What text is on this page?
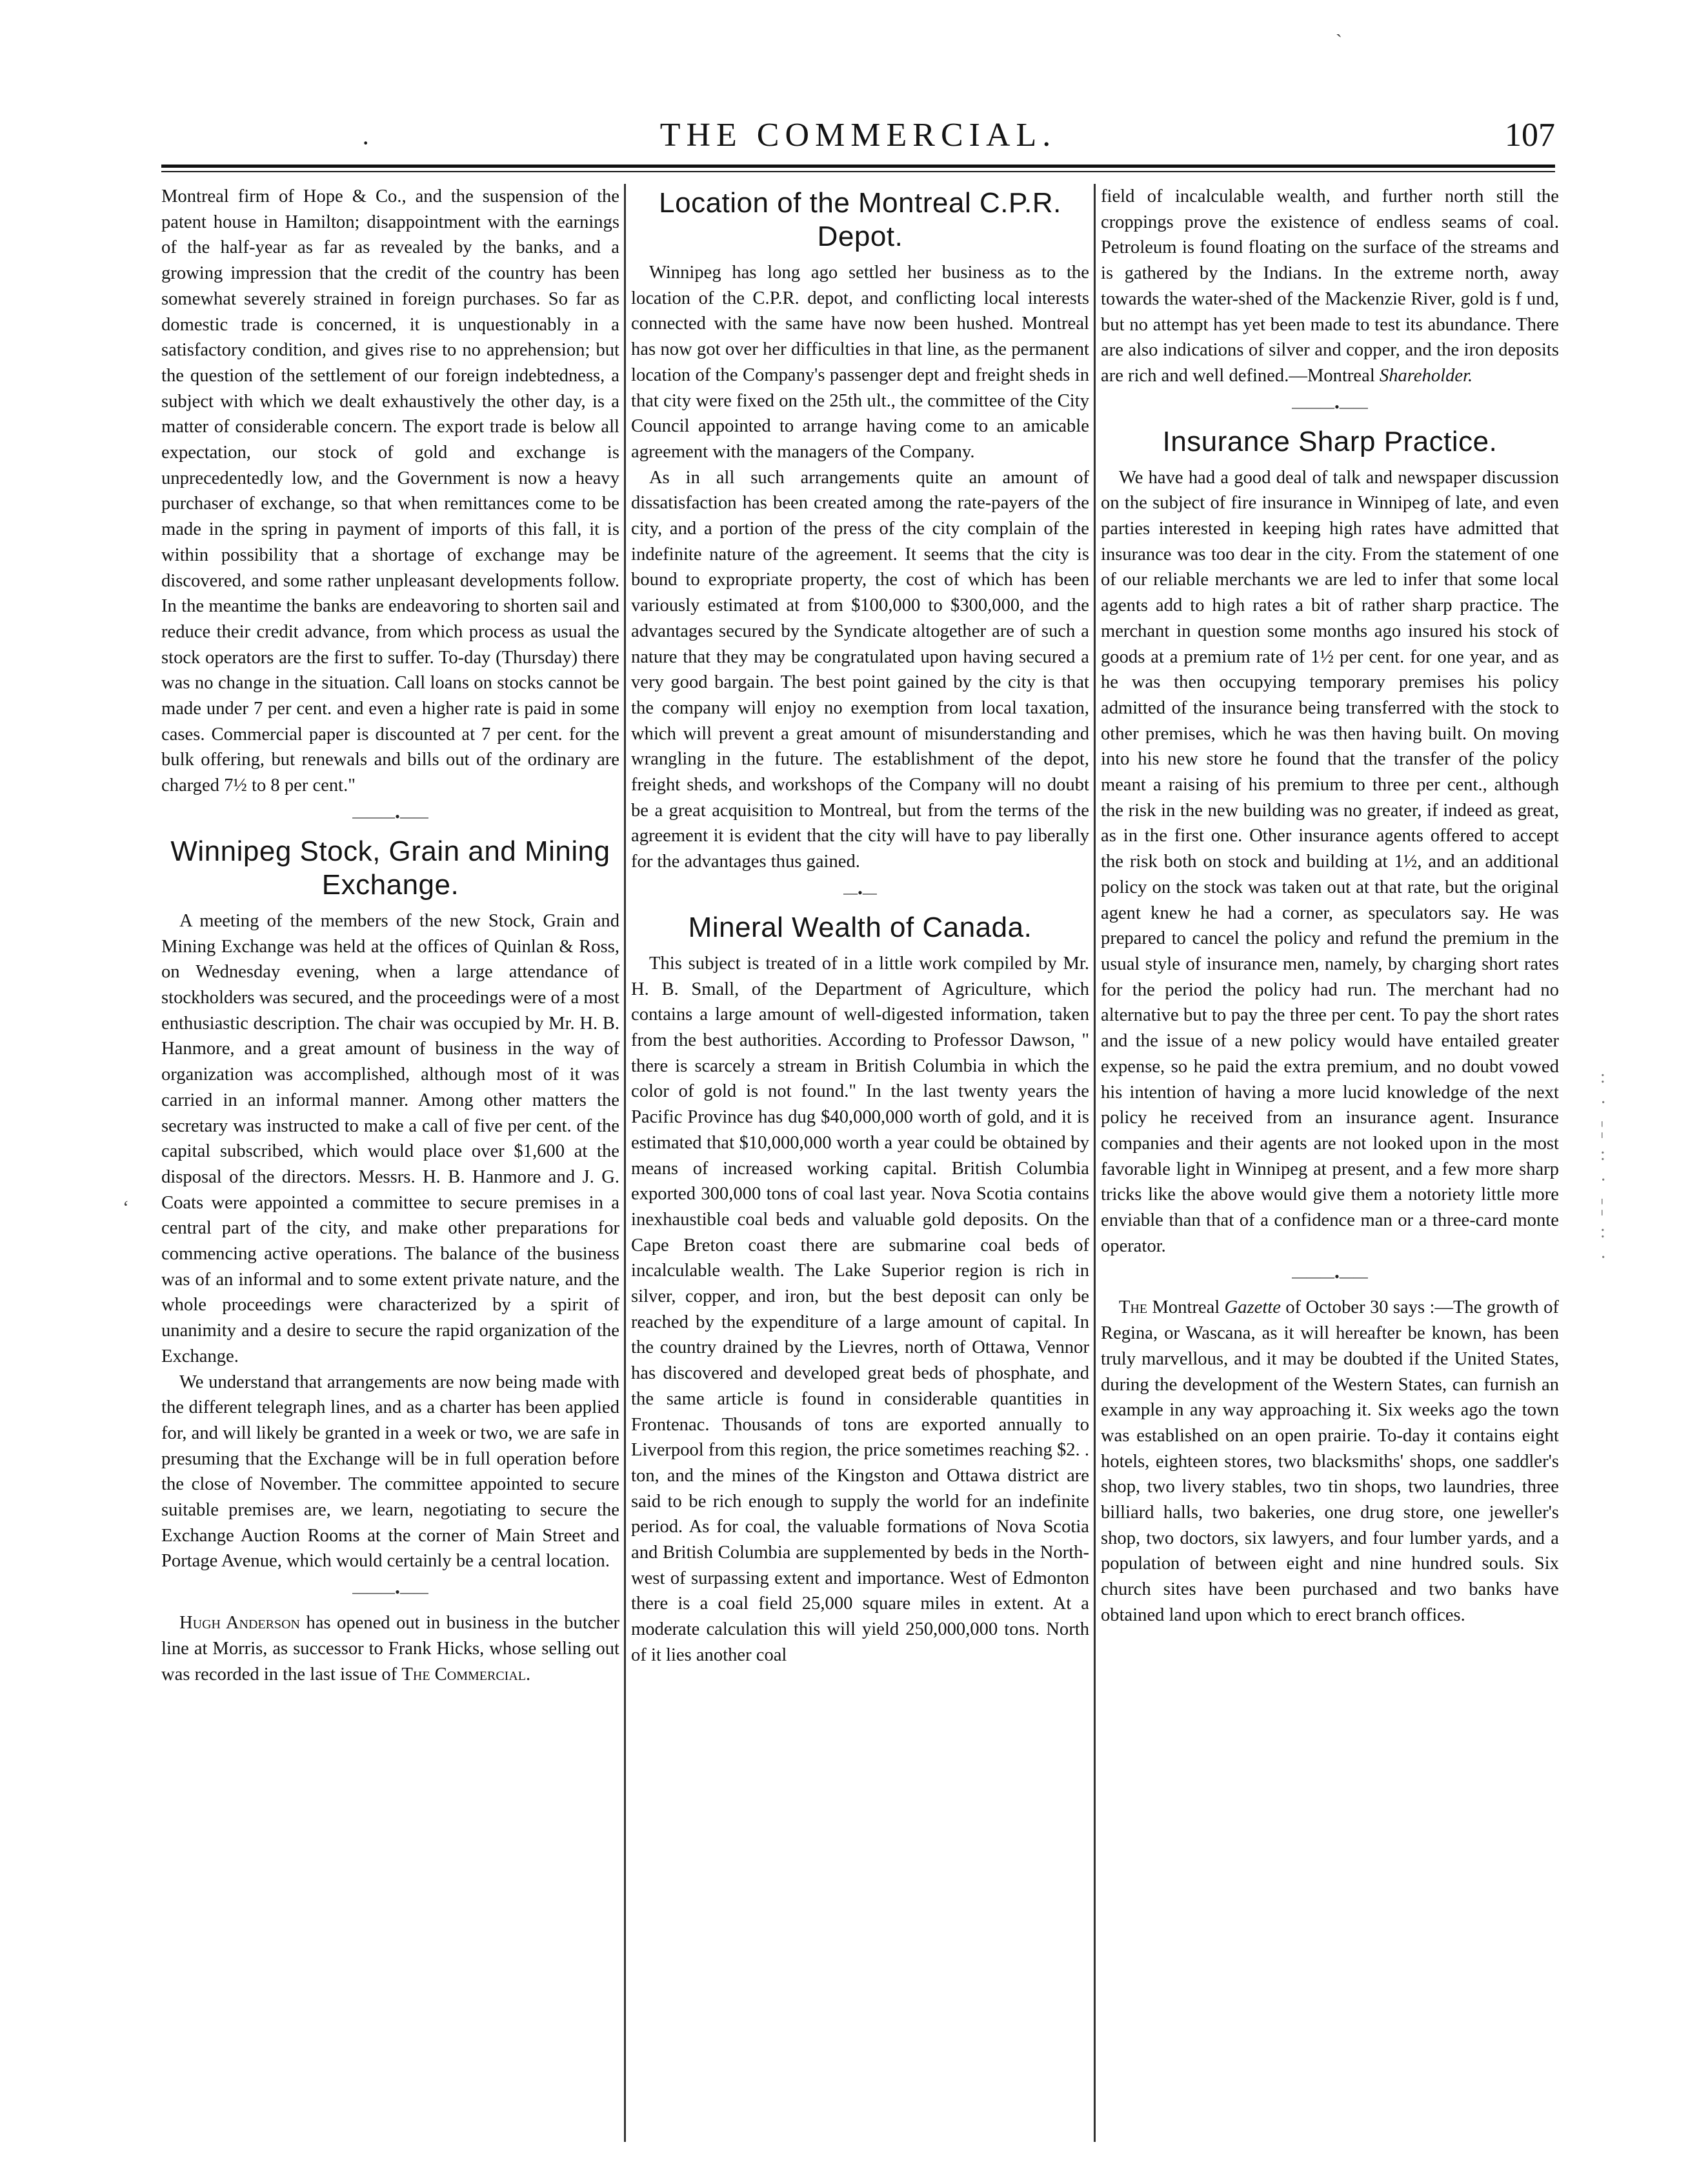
·	THE COMMERCIAL.	107

Montreal firm of Hope & Co., and the suspension of the patent house in Hamilton; disappointment with the earnings of the half-year as far as revealed by the banks, and a growing impression that the credit of the country has been somewhat severely strained in foreign purchases. So far as domestic trade is concerned, it is unquestionably in a satisfactory condition, and gives rise to no apprehension; but the question of the settlement of our foreign indebtedness, a subject with which we dealt exhaustively the other day, is a matter of considerable concern. The export trade is below all expectation, our stock of gold and exchange is unprecedentedly low, and the Government is now a heavy purchaser of exchange, so that when remittances come to be made in the spring in payment of imports of this fall, it is within possibility that a shortage of exchange may be discovered, and some rather unpleasant developments follow. In the meantime the banks are endeavoring to shorten sail and reduce their credit advance, from which process as usual the stock operators are the first to suffer. To-day (Thursday) there was no change in the situation. Call loans on stocks cannot be made under 7 per cent. and even a higher rate is paid in some cases. Commercial paper is discounted at 7 per cent. for the bulk offering, but renewals and bills out of the ordinary are charged 7½ to 8 per cent."

———•——
Winnipeg Stock, Grain and Mining Exchange.

A meeting of the members of the new Stock, Grain and Mining Exchange was held at the offices of Quinlan & Ross, on Wednesday evening, when a large attendance of stockholders was secured, and the proceedings were of a most enthusiastic description. The chair was occupied by Mr. H. B. Hanmore, and a great amount of business in the way of organization was accomplished, although most of it was carried in an informal manner. Among other matters the secretary was instructed to make a call of five per cent. of the capital subscribed, which would place over $1,600 at the disposal of the directors. Messrs. H. B. Hanmore and J. G. Coats were appointed a committee to secure premises in a central part of the city, and make other preparations for commencing active operations. The balance of the business was of an informal and to some extent private nature, and the whole proceedings were characterized by a spirit of unanimity and a desire to secure the rapid organization of the Exchange.

We understand that arrangements are now being made with the different telegraph lines, and as a charter has been applied for, and will likely be granted in a week or two, we are safe in presuming that the Exchange will be in full operation before the close of November. The committee appointed to secure suitable premises are, we learn, negotiating to secure the Exchange Auction Rooms at the corner of Main Street and Portage Avenue, which would certainly be a central location.

———•——

Hugh Anderson has opened out in business in the butcher line at Morris, as successor to Frank Hicks, whose selling out was recorded in the last issue of The Commercial.

Location of the Montreal C.P.R. Depot.

Winnipeg has long ago settled her business as to the location of the C.P.R. depot, and conflicting local interests connected with the same have now been hushed. Montreal has now got over her difficulties in that line, as the permanent location of the Company's passenger dept and freight sheds in that city were fixed on the 25th ult., the committee of the City Council appointed to arrange having come to an amicable agreement with the managers of the Company.

As in all such arrangements quite an amount of dissatisfaction has been created among the rate-payers of the city, and a portion of the press of the city complain of the indefinite nature of the agreement. It seems that the city is bound to expropriate property, the cost of which has been variously estimated at from $100,000 to $300,000, and the advantages secured by the Syndicate altogether are of such a nature that they may be congratulated upon having secured a very good bargain. The best point gained by the city is that the company will enjoy no exemption from local taxation, which will prevent a great amount of misunderstanding and wrangling in the future. The establishment of the depot, freight sheds, and workshops of the Company will no doubt be a great acquisition to Montreal, but from the terms of the agreement it is evident that the city will have to pay liberally for the advantages thus gained.

—•—
Mineral Wealth of Canada.

This subject is treated of in a little work compiled by Mr. H. B. Small, of the Department of Agriculture, which contains a large amount of well-digested information, taken from the best authorities. According to Professor Dawson, " there is scarcely a stream in British Columbia in which the color of gold is not found." In the last twenty years the Pacific Province has dug $40,000,000 worth of gold, and it is estimated that $10,000,000 worth a year could be obtained by means of increased working capital. British Columbia exported 300,000 tons of coal last year. Nova Scotia contains inexhaustible coal beds and valuable gold deposits. On the Cape Breton coast there are submarine coal beds of incalculable wealth. The Lake Superior region is rich in silver, copper, and iron, but the best deposit can only be reached by the expenditure of a large amount of capital. In the country drained by the Lievres, north of Ottawa, Vennor has discovered and developed great beds of phosphate, and the same article is found in considerable quantities in Frontenac. Thousands of tons are exported annually to Liverpool from this region, the price sometimes reaching $2. . ton, and the mines of the Kingston and Ottawa district are said to be rich enough to supply the world for an indefinite period. As for coal, the valuable formations of Nova Scotia and British Columbia are supplemented by beds in the North-west of surpassing extent and importance. West of Edmonton there is a coal field 25,000 square miles in extent. At a moderate calculation this will yield 250,000,000 tons. North of it lies another coal

field of incalculable wealth, and further north still the croppings prove the existence of endless seams of coal. Petroleum is found floating on the surface of the streams and is gathered by the Indians. In the extreme north, away towards the water-shed of the Mackenzie River, gold is f und, but no attempt has yet been made to test its abundance. There are also indications of silver and copper, and the iron deposits are rich and well defined.—Montreal Shareholder.

———•——
Insurance Sharp Practice.

We have had a good deal of talk and newspaper discussion on the subject of fire insurance in Winnipeg of late, and even parties interested in keeping high rates have admitted that insurance was too dear in the city. From the statement of one of our reliable merchants we are led to infer that some local agents add to high rates a bit of rather sharp practice. The merchant in question some months ago insured his stock of goods at a premium rate of 1½ per cent. for one year, and as he was then occupying temporary premises his policy admitted of the insurance being transferred with the stock to other premises, which he was then having built. On moving into his new store he found that the transfer of the policy meant a raising of his premium to three per cent., although the risk in the new building was no greater, if indeed as great, as in the first one. Other insurance agents offered to accept the risk both on stock and building at 1½, and an additional policy on the stock was taken out at that rate, but the original agent knew he had a corner, as speculators say. He was prepared to cancel the policy and refund the premium in the usual style of insurance men, namely, by charging short rates for the period the policy had run. The merchant had no alternative but to pay the three per cent. To pay the short rates and the issue of a new policy would have entailed greater expense, so he paid the extra premium, and no doubt vowed his intention of having a more lucid knowledge of the next policy he received from an insurance agent. Insurance companies and their agents are not looked upon in the most favorable light in Winnipeg at present, and a few more sharp tricks like the above would give them a notoriety little more enviable than that of a confidence man or a three-card monte operator.

———•——

The Montreal Gazette of October 30 says :—The growth of Regina, or Wascana, as it will hereafter be known, has been truly marvellous, and it may be doubted if the United States, during the development of the Western States, can furnish an example in any way approaching it. Six weeks ago the town was established on an open prairie. To-day it contains eight hotels, eighteen stores, two blacksmiths' shops, one saddler's shop, two livery stables, two tin shops, two laundries, three billiard halls, two bakeries, one drug store, one jeweller's shop, two doctors, six lawyers, and four lumber yards, and a population of between eight and nine hundred souls. Six church sites have been purchased and two banks have obtained land upon which to erect branch offices.

:
·
¦
:
·
¦
:
·
ʻ
ˏ
